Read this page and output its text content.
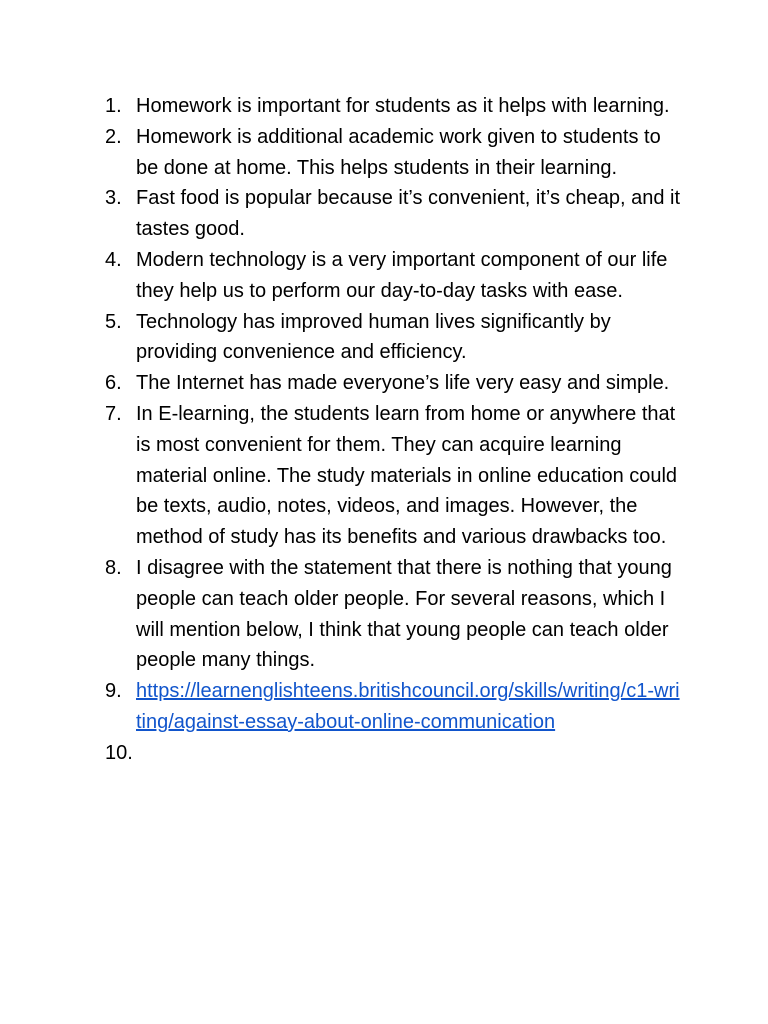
1. Homework is important for students as it helps with learning.
2. Homework is additional academic work given to students to be done at home. This helps students in their learning.
3. Fast food is popular because it’s convenient, it’s cheap, and it tastes good.
4. Modern technology is a very important component of our life they help us to perform our day-to-day tasks with ease.
5. Technology has improved human lives significantly by providing convenience and efficiency.
6. The Internet has made everyone’s life very easy and simple.
7. In E-learning, the students learn from home or anywhere that is most convenient for them. They can acquire learning material online. The study materials in online education could be texts, audio, notes, videos, and images. However, the method of study has its benefits and various drawbacks too.
8. I disagree with the statement that there is nothing that young people can teach older people. For several reasons, which I will mention below, I think that young people can teach older people many things.
9. https://learnenglishteens.britishcouncil.org/skills/writing/c1-writing/against-essay-about-online-communication
10.
